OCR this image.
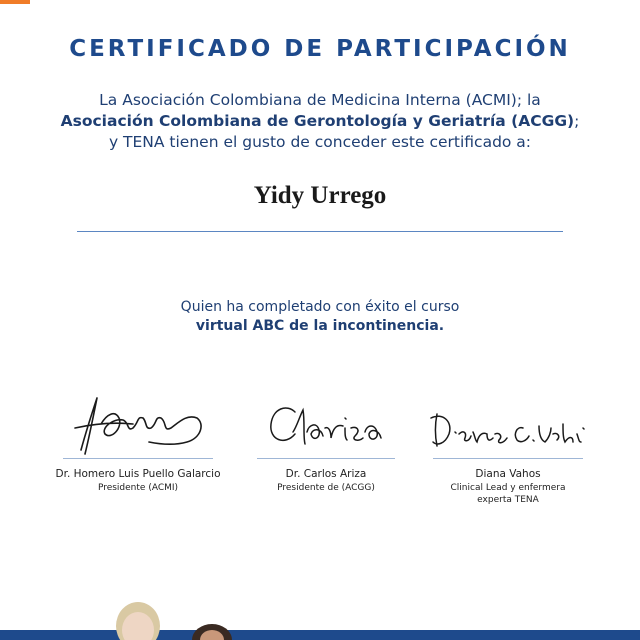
CERTIFICADO DE PARTICIPACIÓN
La Asociación Colombiana de Medicina Interna (ACMI); la
Asociación Colombiana de Gerontología y Geriatría (ACGG);
y TENA tienen el gusto de conceder este certificado a:
Yidy Urrego
Quien ha completado con éxito el curso
virtual ABC de la incontinencia.
Dr. Homero Luis Puello Galarcio
Presidente (ACMI)
Dr. Carlos Ariza
Presidente de (ACGG)
Diana Vahos
Clinical Lead y enfermera
experta TENA
